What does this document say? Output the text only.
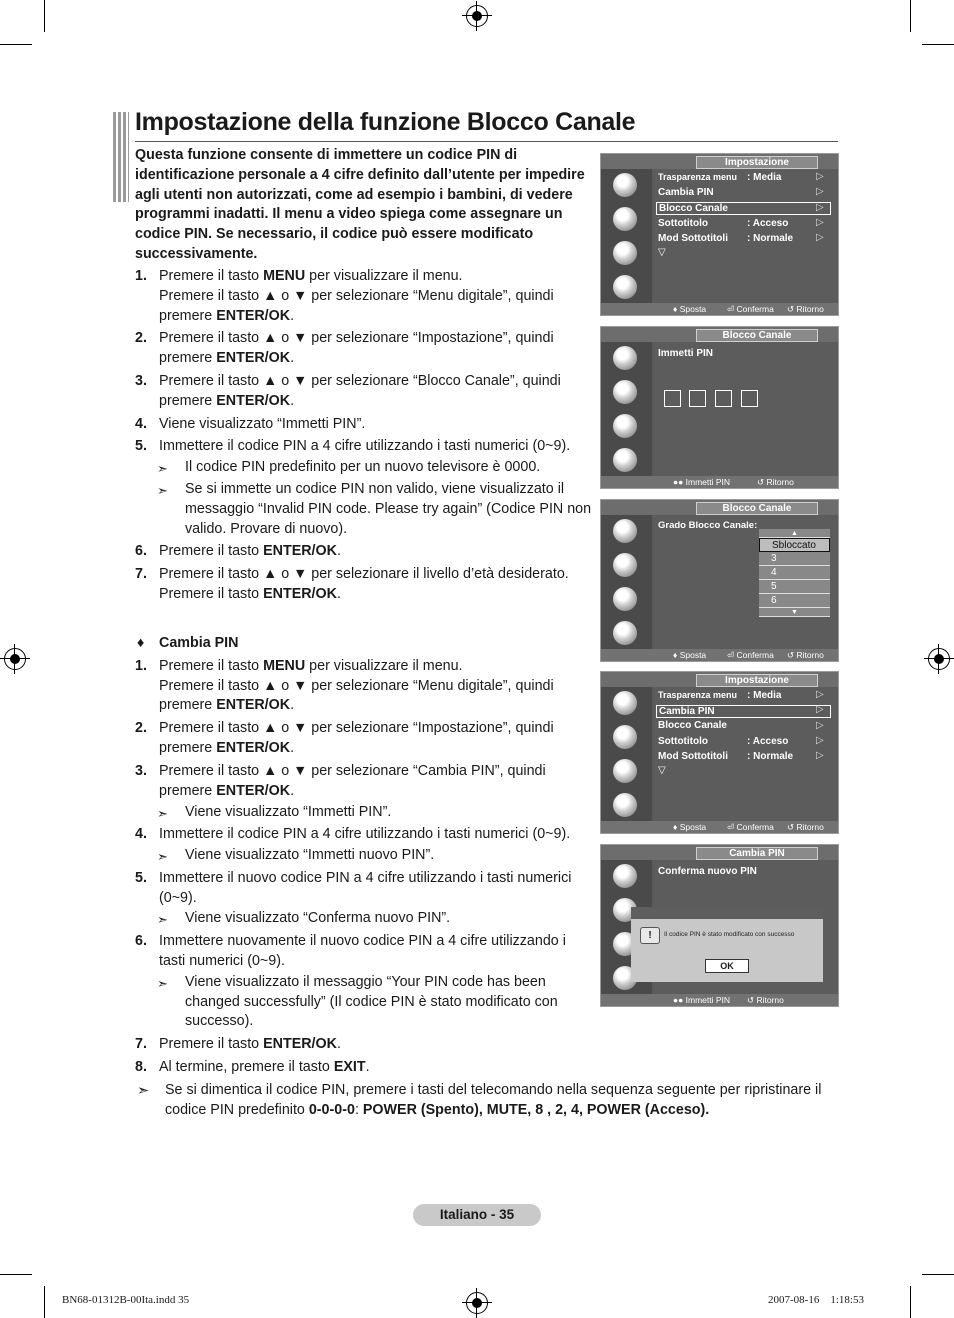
Impostazione della funzione Blocco Canale
Questa funzione consente di immettere un codice PIN di identificazione personale a 4 cifre definito dall’utente per impedire agli utenti non autorizzati, come ad esempio i bambini, di vedere programmi inadatti. Il menu a video spiega come assegnare un codice PIN. Se necessario, il codice può essere modificato successivamente.
1. Premere il tasto MENU per visualizzare il menu.
Premere il tasto ▲ o ▼ per selezionare “Menu digitale”, quindi premere ENTER/OK.
2. Premere il tasto ▲ o ▼ per selezionare “Impostazione”, quindi premere ENTER/OK.
3. Premere il tasto ▲ o ▼ per selezionare “Blocco Canale”, quindi premere ENTER/OK.
4. Viene visualizzato “Immetti PIN”.
5. Immettere il codice PIN a 4 cifre utilizzando i tasti numerici (0~9).
➣ Il codice PIN predefinito per un nuovo televisore è 0000.
➣ Se si immette un codice PIN non valido, viene visualizzato il messaggio “Invalid PIN code. Please try again” (Codice PIN non valido. Provare di nuovo).
6. Premere il tasto ENTER/OK.
7. Premere il tasto ▲ o ▼ per selezionare il livello d’età desiderato. Premere il tasto ENTER/OK.
♦ Cambia PIN
1. Premere il tasto MENU per visualizzare il menu.
Premere il tasto ▲ o ▼ per selezionare “Menu digitale”, quindi premere ENTER/OK.
2. Premere il tasto ▲ o ▼ per selezionare “Impostazione”, quindi premere ENTER/OK.
3. Premere il tasto ▲ o ▼ per selezionare “Cambia PIN”, quindi premere ENTER/OK.
➣ Viene visualizzato “Immetti PIN”.
4. Immettere il codice PIN a 4 cifre utilizzando i tasti numerici (0~9).
➣ Viene visualizzato “Immetti nuovo PIN”.
5. Immettere il nuovo codice PIN a 4 cifre utilizzando i tasti numerici (0~9).
➣ Viene visualizzato “Conferma nuovo PIN”.
6. Immettere nuovamente il nuovo codice PIN a 4 cifre utilizzando i tasti numerici (0~9).
➣ Viene visualizzato il messaggio “Your PIN code has been changed successfully” (Il codice PIN è stato modificato con successo).
7. Premere il tasto ENTER/OK.
8. Al termine, premere il tasto EXIT.
➣ Se si dimentica il codice PIN, premere i tasti del telecomando nella sequenza seguente per ripristinare il codice PIN predefinito 0-0-0-0: POWER (Spento), MUTE, 8 , 2, 4, POWER (Acceso).
Italiano - 35
BN68-01312B-00Ita.indd 35	2007-08-16    1:18:53
Impostazione
Trasparenza menu : Media	▷
Cambia PIN	▷
Blocco Canale	▷
Sottotitolo	: Acceso	▷
Mod Sottotitoli : Normale ▷
▽
♦ Sposta ⏎ Conferma ↺ Ritorno
Blocco Canale
Immetti PIN
●● Immetti PIN	↺ Ritorno
Blocco Canale
Grado Blocco Canale:
▲
Sbloccato
3
4
5
6
▼
♦ Sposta ⏎ Conferma ↺ Ritorno
Impostazione
Trasparenza menu : Media	▷
Cambia PIN	▷
Blocco Canale	▷
Sottotitolo	: Acceso	▷
Mod Sottotitoli : Normale ▷
▽
♦ Sposta ⏎ Conferma ↺ Ritorno
Cambia PIN
Conferma nuovo PIN
!	Il codice PIN è stato modificato con successo
OK
●● Immetti PIN ↺ Ritorno
